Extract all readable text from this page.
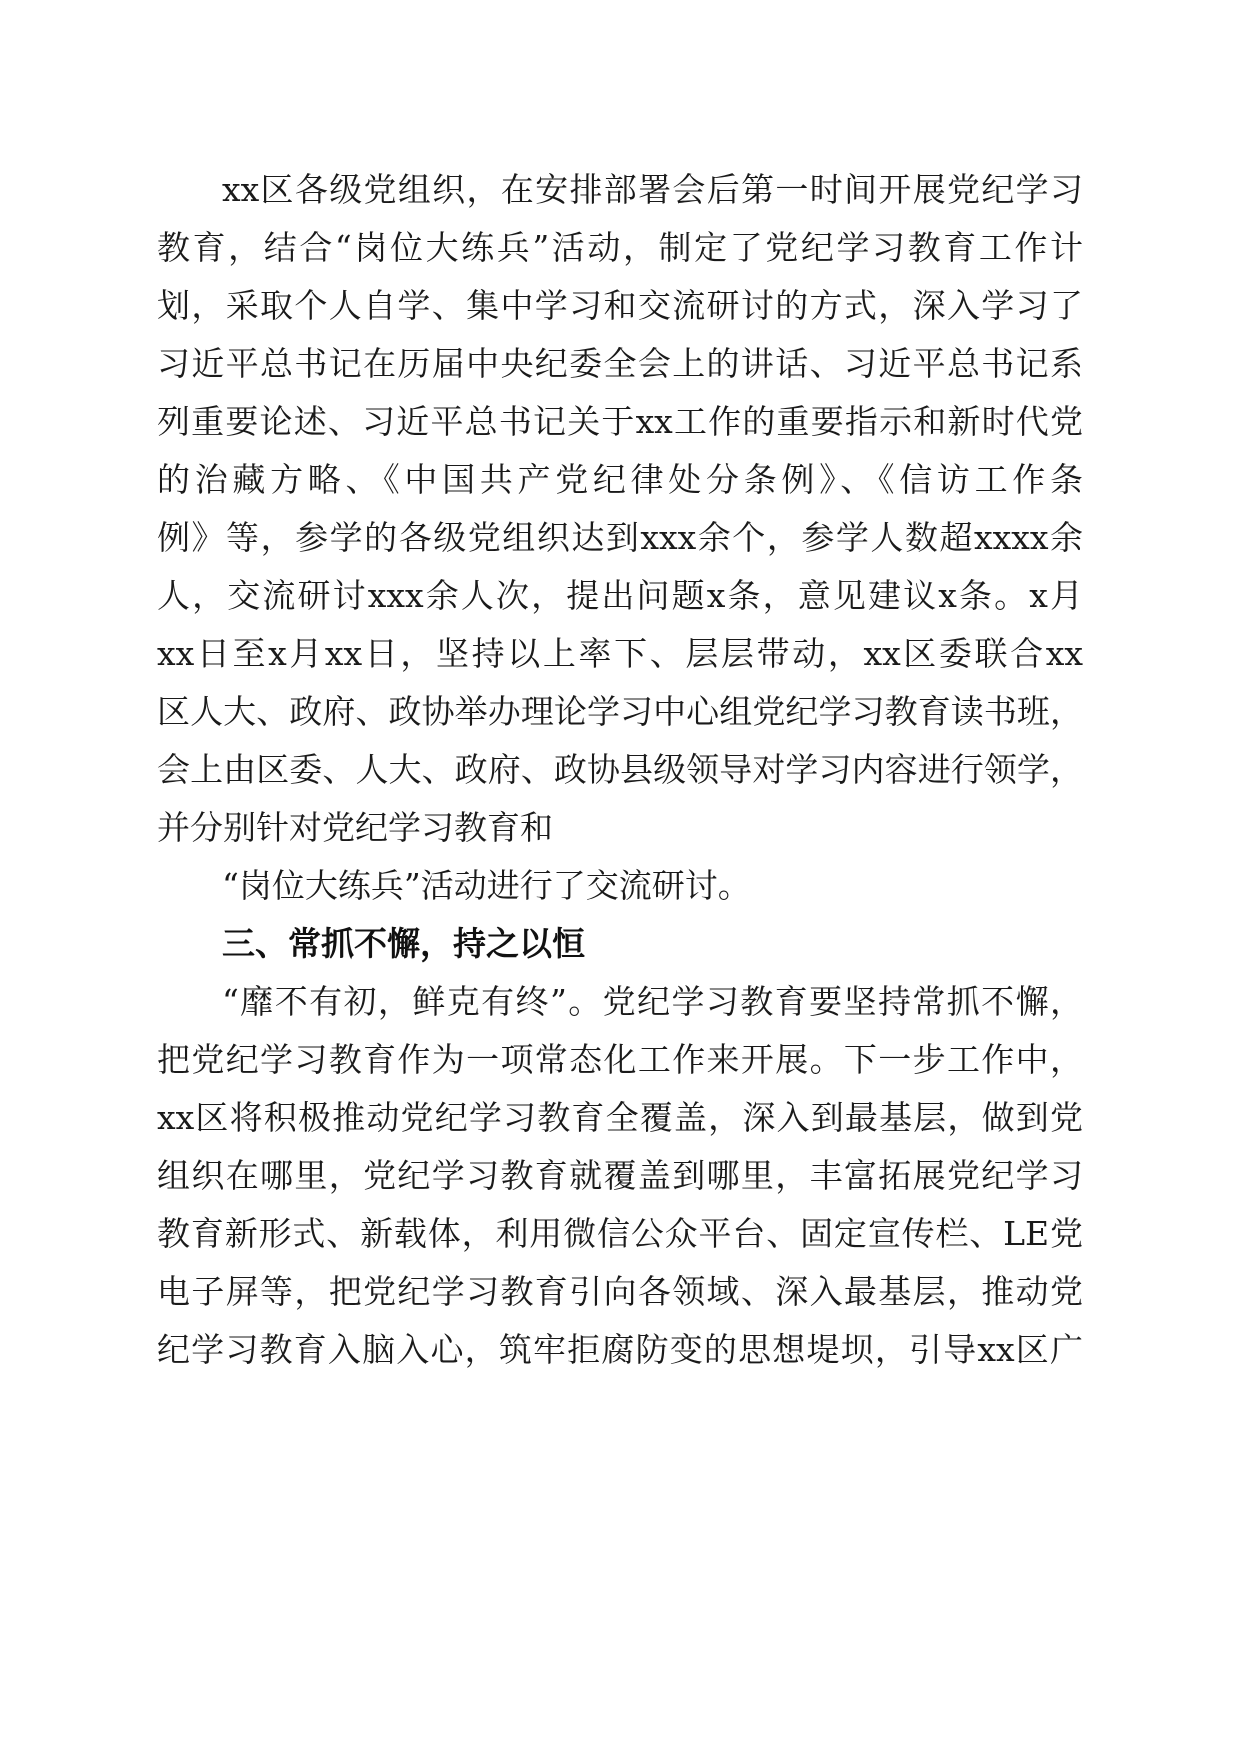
xx区各级党组织，在安排部署会后第一时间开展党纪学习

教育，结合“岗位大练兵”活动，制定了党纪学习教育工作计

划，采取个人自学、集中学习和交流研讨的方式，深入学习了

习近平总书记在历届中央纪委全会上的讲话、习近平总书记系

列重要论述、习近平总书记关于xx工作的重要指示和新时代党

的治藏方略、《中国共产党纪律处分条例》、《信访工作条

例》等，参学的各级党组织达到xxx余个，参学人数超xxxx余

人，交流研讨xxx余人次，提出问题x条，意见建议x条。x月

xx日至x月xx日，坚持以上率下、层层带动，xx区委联合xx

区人大、政府、政协举办理论学习中心组党纪学习教育读书班，

会上由区委、人大、政府、政协县级领导对学习内容进行领学，

并分别针对党纪学习教育和

“岗位大练兵”活动进行了交流研讨。

三、常抓不懈，持之以恒

“靡不有初，鲜克有终”。党纪学习教育要坚持常抓不懈，

把党纪学习教育作为一项常态化工作来开展。下一步工作中，

xx区将积极推动党纪学习教育全覆盖，深入到最基层，做到党

组织在哪里，党纪学习教育就覆盖到哪里，丰富拓展党纪学习

教育新形式、新载体，利用微信公众平台、固定宣传栏、LE党

电子屏等，把党纪学习教育引向各领域、深入最基层，推动党

纪学习教育入脑入心，筑牢拒腐防变的思想堤坝，引导xx区广
